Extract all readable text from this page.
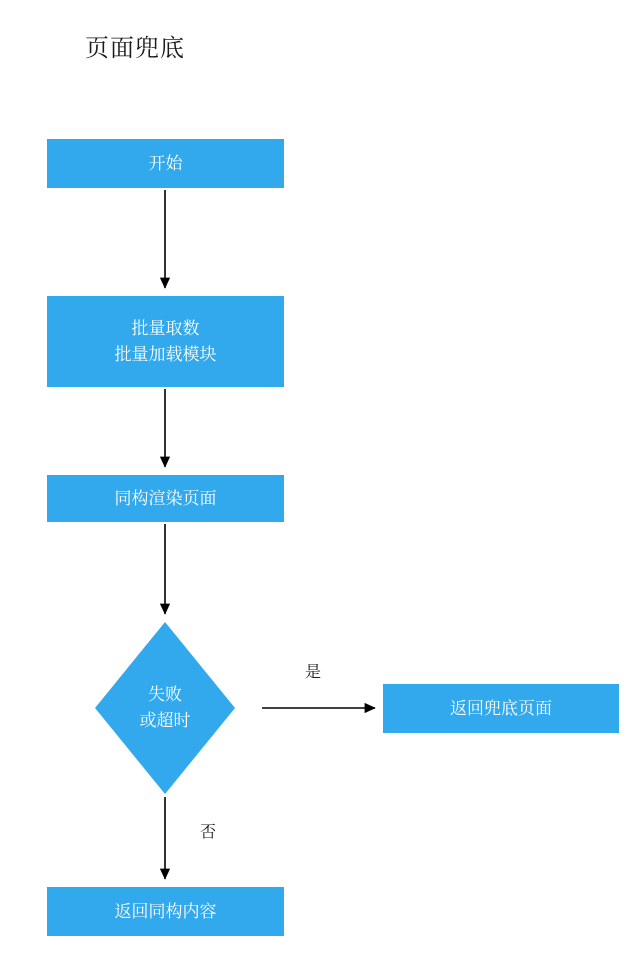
页面兜底
开始
批量取数
批量加载模块
同构渲染页面
失败
或超时
返回兜底页面
返回同构内容
是
否
